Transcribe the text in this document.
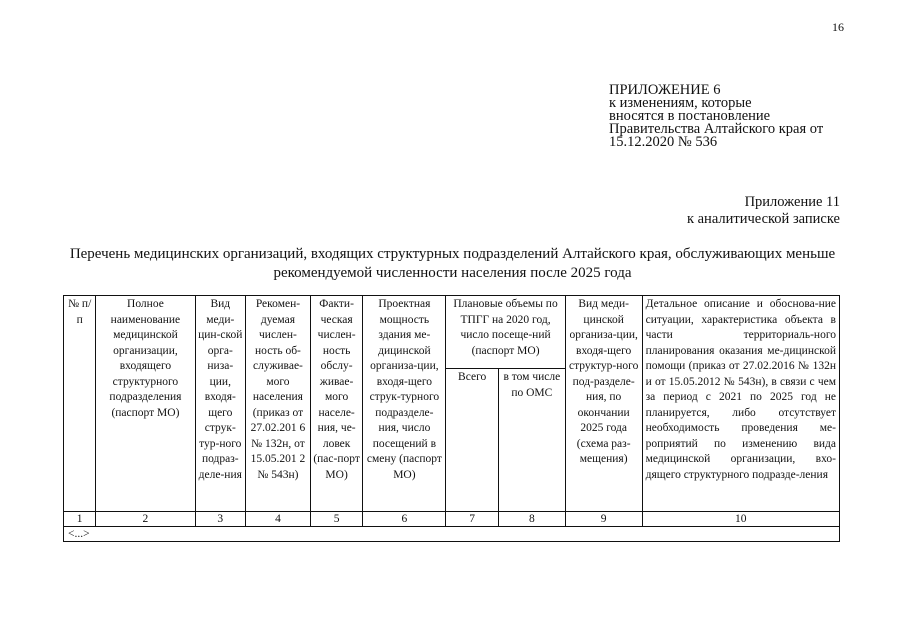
16
ПРИЛОЖЕНИЕ 6
к изменениям, которые
вносятся в постановление
Правительства Алтайского края от
15.12.2020 № 536
Приложение 11
к аналитической записке
Перечень медицинских организаций, входящих структурных подразделений Алтайского края, обслуживающих меньше
рекомендуемой численности населения после 2025 года
№ п/п	Полное наименование медицинской организации, входящего структурного подразделения (паспорт МО)	Вид меди-цин-ской орга-низа-ции, входя-щего струк-тур-ного подраз-деле-ния	Рекомен-дуемая числен-ность об-служивае-мого населения (приказ от 27.02.201 6 № 132н, от 15.05.201 2 № 543н)	Факти-ческая числен-ность обслу-живае-мого населе-ния, че-ловек (пас-порт МО)	Проектная мощность здания ме-дицинской организа-ции, входя-щего струк-турного подразделе-ния, число посещений в смену (паспорт МО)	Плановые объемы по ТПГГ на 2020 год, число посеще-ний (паспорт МО)		Вид меди-цинской организа-ции, входя-щего структур-ного под-разделе-ния, по окончании 2025 года (схема раз-мещения)	Детальное описание и обоснова-ние ситуации, характеристика объекта в части территориаль-ного планирования оказания ме-дицинской помощи (приказ от 27.02.2016 № 132н и от 15.05.2012 № 543н), в связи с чем за период с 2021 по 2025 год не планируется, либо отсутствует необходимость проведения ме-роприятий по изменению вида медицинской организации, вхо-дящего структурного подразде-ления
						Всего	в том числе по ОМС		
1	2	3	4	5	6	7	8	9	10
<...>									
